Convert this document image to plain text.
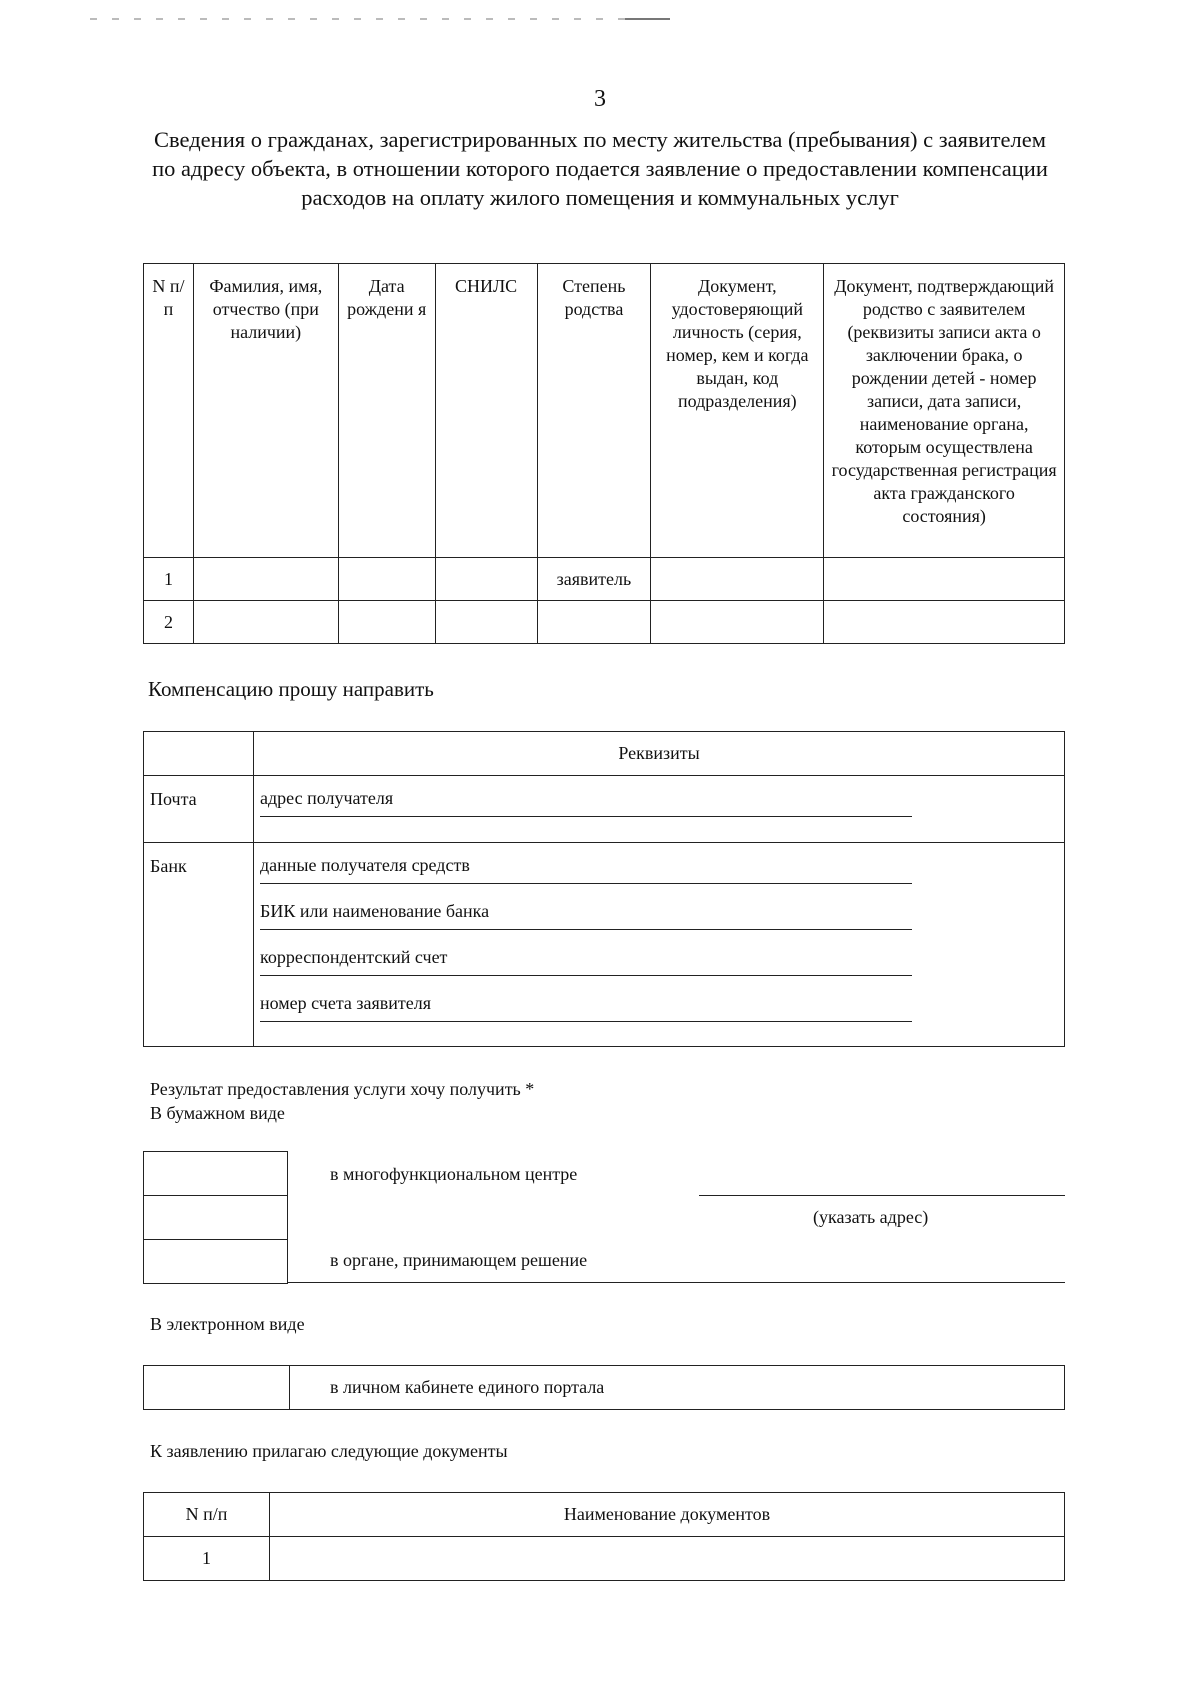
3
Сведения о гражданах, зарегистрированных по месту жительства (пребывания) с заявителем по адресу объекта, в отношении которого подается заявление о предоставлении компенсации расходов на оплату жилого помещения и коммунальных услуг
N п/п	Фамилия, имя, отчество (при наличии)	Дата рождени я	СНИЛС	Степень родства	Документ, удостоверяющий личность (серия, номер, кем и когда выдан, код подразделения)	Документ, подтверждающий родство с заявителем (реквизиты записи акта о заключении брака, о рождении детей - номер записи, дата записи, наименование органа, которым осуществлена государственная регистрация акта гражданского состояния)
1				заявитель		
2						
Компенсацию прошу направить
	Реквизиты
Почта	адрес получателя

Банк	данные получателя средств
БИК или наименование банка
корреспондентский счет
номер счета заявителя
Результат предоставления услуги хочу получить *
В бумажном виде
в многофункциональном центре
(указать адрес)
в органе, принимающем решение
В электронном виде
в личном кабинете единого портала
К заявлению прилагаю следующие документы
N п/п	Наименование документов
1	
